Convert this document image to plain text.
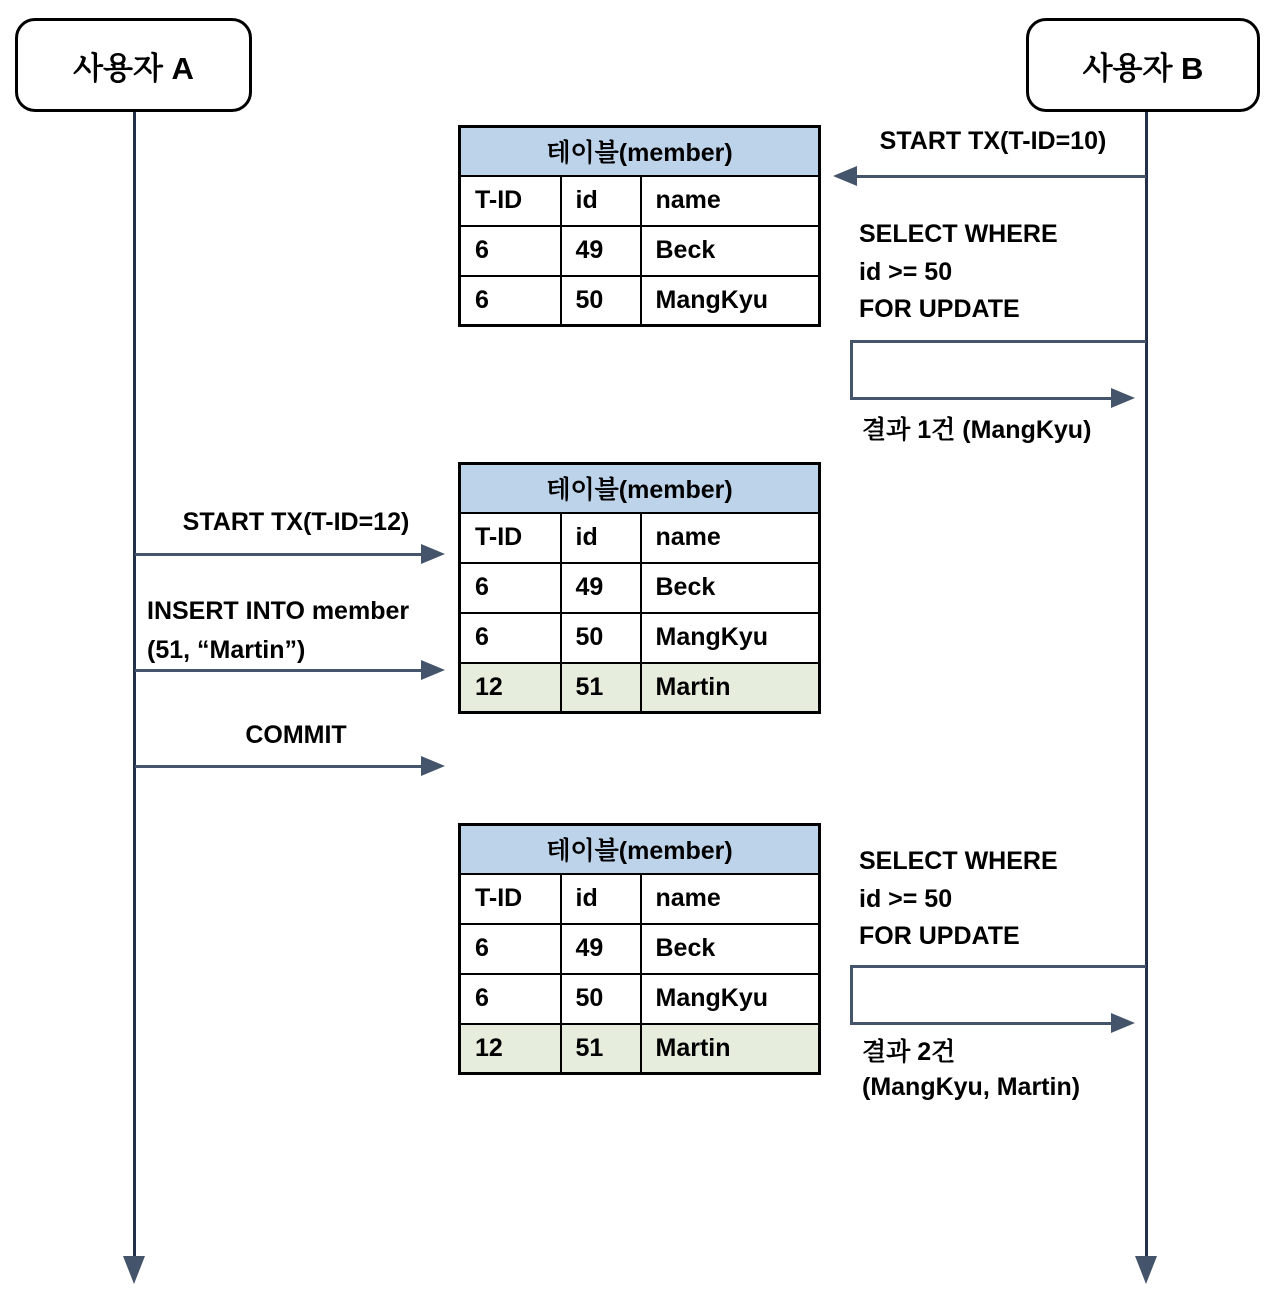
사용자 A	사용자 B
테이블(member)		
T-ID	id	name
6	49	Beck
6	50	MangKyu
테이블(member)		
T-ID	id	name
6	49	Beck
6	50	MangKyu
12	51	Martin
테이블(member)		
T-ID	id	name
6	49	Beck
6	50	MangKyu
12	51	Martin
START TX(T-ID=10)
SELECT WHERE
id >= 50
FOR UPDATE
결과 1건 (MangKyu)
START TX(T-ID=12)
INSERT INTO member
(51, “Martin”)
COMMIT
SELECT WHERE
id >= 50
FOR UPDATE
결과 2건
(MangKyu, Martin)
